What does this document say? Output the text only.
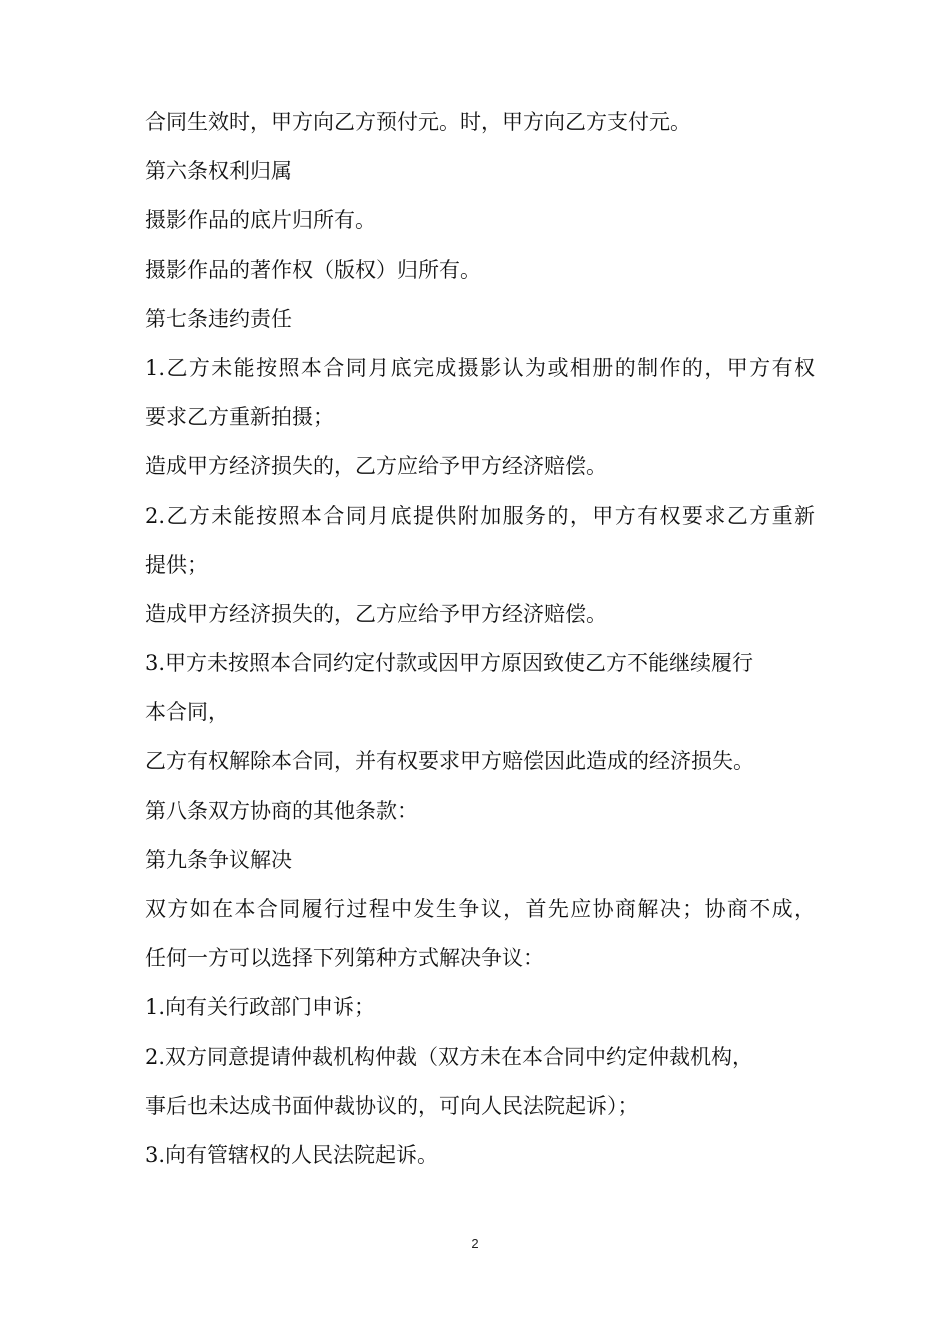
合同生效时，甲方向乙方预付元。时，甲方向乙方支付元。
第六条权利归属
摄影作品的底片归所有。
摄影作品的著作权（版权）归所有。
第七条违约责任
1.乙方未能按照本合同月底完成摄影认为或相册的制作的，甲方有权
要求乙方重新拍摄；
造成甲方经济损失的，乙方应给予甲方经济赔偿。
2.乙方未能按照本合同月底提供附加服务的，甲方有权要求乙方重新
提供；
造成甲方经济损失的，乙方应给予甲方经济赔偿。
3.甲方未按照本合同约定付款或因甲方原因致使乙方不能继续履行
本合同，
乙方有权解除本合同，并有权要求甲方赔偿因此造成的经济损失。
第八条双方协商的其他条款：
第九条争议解决
双方如在本合同履行过程中发生争议，首先应协商解决；协商不成，
任何一方可以选择下列第种方式解决争议：
1.向有关行政部门申诉；
2.双方同意提请仲裁机构仲裁（双方未在本合同中约定仲裁机构，
事后也未达成书面仲裁协议的，可向人民法院起诉）；
3.向有管辖权的人民法院起诉。
2
